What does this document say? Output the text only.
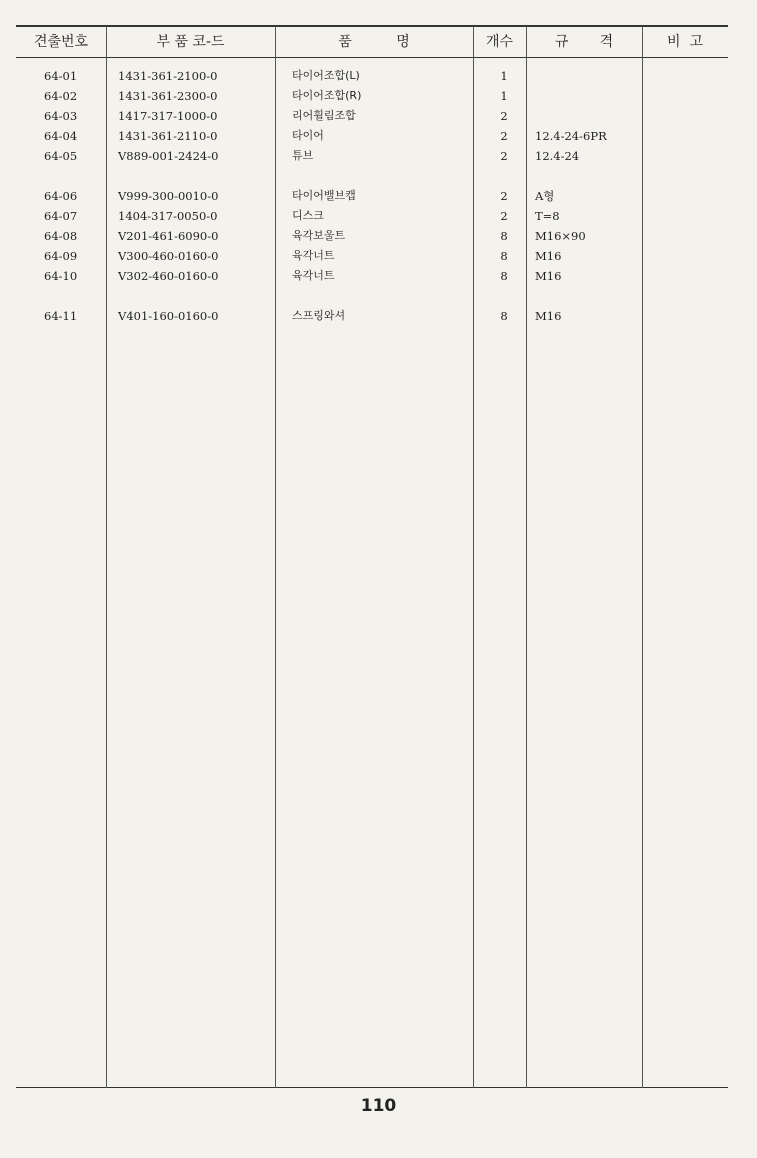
견출번호	부 품 코-드	품          명	개수	규       격	비  고
64-01	1431-361-2100-0	타이어조합(L)	1
64-02	1431-361-2300-0	타이어조합(R)	1
64-03	1417-317-1000-0	리어휠림조합	2
64-04	1431-361-2110-0	타이어	2	12.4-24-6PR
64-05	V889-001-2424-0	튜브	2	12.4-24
64-06	V999-300-0010-0	타이어밸브캡	2	A형
64-07	1404-317-0050-0	디스크	2	T=8
64-08	V201-461-6090-0	육각보울트	8	M16×90
64-09	V300-460-0160-0	육각너트	8	M16
64-10	V302-460-0160-0	육각너트	8	M16
64-11	V401-160-0160-0	스프링와셔	8	M16
110
